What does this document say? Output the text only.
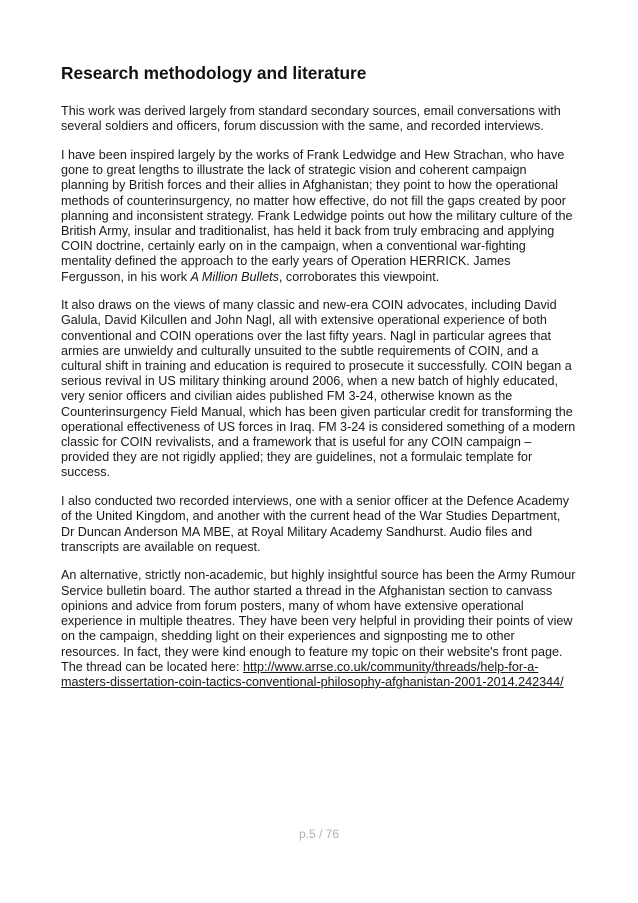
Research methodology and literature

This work was derived largely from standard secondary sources, email conversations with several soldiers and officers, forum discussion with the same, and recorded interviews.

I have been inspired largely by the works of Frank Ledwidge and Hew Strachan, who have gone to great lengths to illustrate the lack of strategic vision and coherent campaign planning by British forces and their allies in Afghanistan; they point to how the operational methods of counterinsurgency, no matter how effective, do not fill the gaps created by poor planning and inconsistent strategy. Frank Ledwidge points out how the military culture of the British Army, insular and traditionalist, has held it back from truly embracing and applying COIN doctrine, certainly early on in the campaign, when a conventional war-fighting mentality defined the approach to the early years of Operation HERRICK. James Fergusson, in his work A Million Bullets, corroborates this viewpoint.

It also draws on the views of many classic and new-era COIN advocates, including David Galula, David Kilcullen and John Nagl, all with extensive operational experience of both conventional and COIN operations over the last fifty years. Nagl in particular agrees that armies are unwieldy and culturally unsuited to the subtle requirements of COIN, and a cultural shift in training and education is required to prosecute it successfully. COIN began a serious revival in US military thinking around 2006, when a new batch of highly educated, very senior officers and civilian aides published FM 3-24, otherwise known as the Counterinsurgency Field Manual, which has been given particular credit for transforming the operational effectiveness of US forces in Iraq. FM 3-24 is considered something of a modern classic for COIN revivalists, and a framework that is useful for any COIN campaign – provided they are not rigidly applied; they are guidelines, not a formulaic template for success.

I also conducted two recorded interviews, one with a senior officer at the Defence Academy of the United Kingdom, and another with the current head of the War Studies Department, Dr Duncan Anderson MA MBE, at Royal Military Academy Sandhurst. Audio files and transcripts are available on request.

An alternative, strictly non-academic, but highly insightful source has been the Army Rumour Service bulletin board. The author started a thread in the Afghanistan section to canvass opinions and advice from forum posters, many of whom have extensive operational experience in multiple theatres. They have been very helpful in providing their points of view on the campaign, shedding light on their experiences and signposting me to other resources. In fact, they were kind enough to feature my topic on their website's front page. The thread can be located here: http://www.arrse.co.uk/community/threads/help-for-a-masters-dissertation-coin-tactics-conventional-philosophy-afghanistan-2001-2014.242344/

p.5 / 76
